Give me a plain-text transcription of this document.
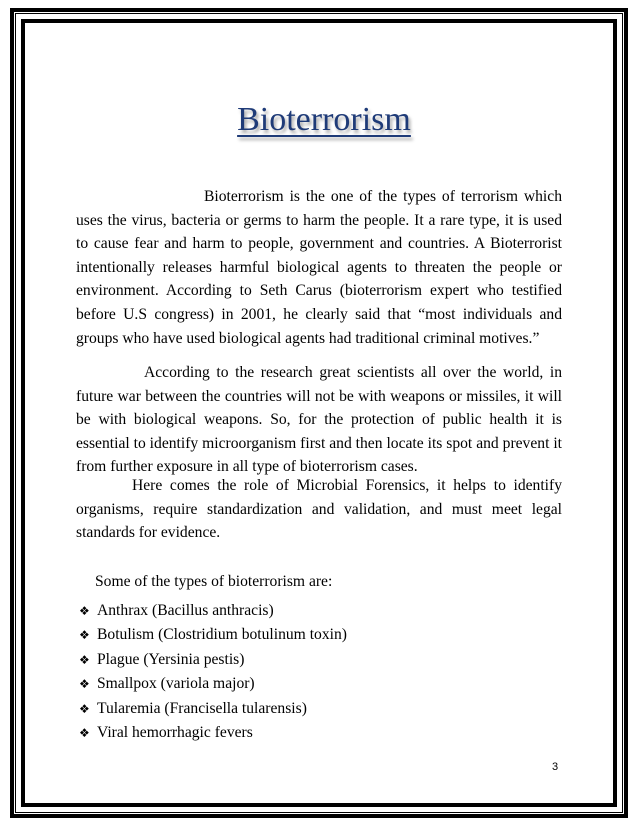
Bioterrorism

Bioterrorism is the one of the types of terrorism which uses the virus, bacteria or germs to harm the people. It a rare type, it is used to cause fear and harm to people, government and countries. A Bioterrorist intentionally releases harmful biological agents to threaten the people or environment. According to Seth Carus (bioterrorism expert who testified before U.S congress) in 2001, he clearly said that “most individuals and groups who have used biological agents had traditional criminal motives.”

According to the research great scientists all over the world, in future war between the countries will not be with weapons or missiles, it will be with biological weapons. So, for the protection of public health it is essential to identify microorganism first and then locate its spot and prevent it from further exposure in all type of bioterrorism cases.

Here comes the role of Microbial Forensics, it helps to identify organisms, require standardization and validation, and must meet legal standards for evidence.

Some of the types of bioterrorism are:

❖ Anthrax (Bacillus anthracis)
❖ Botulism (Clostridium botulinum toxin)
❖ Plague (Yersinia pestis)
❖ Smallpox (variola major)
❖ Tularemia (Francisella tularensis)
❖ Viral hemorrhagic fevers
3
